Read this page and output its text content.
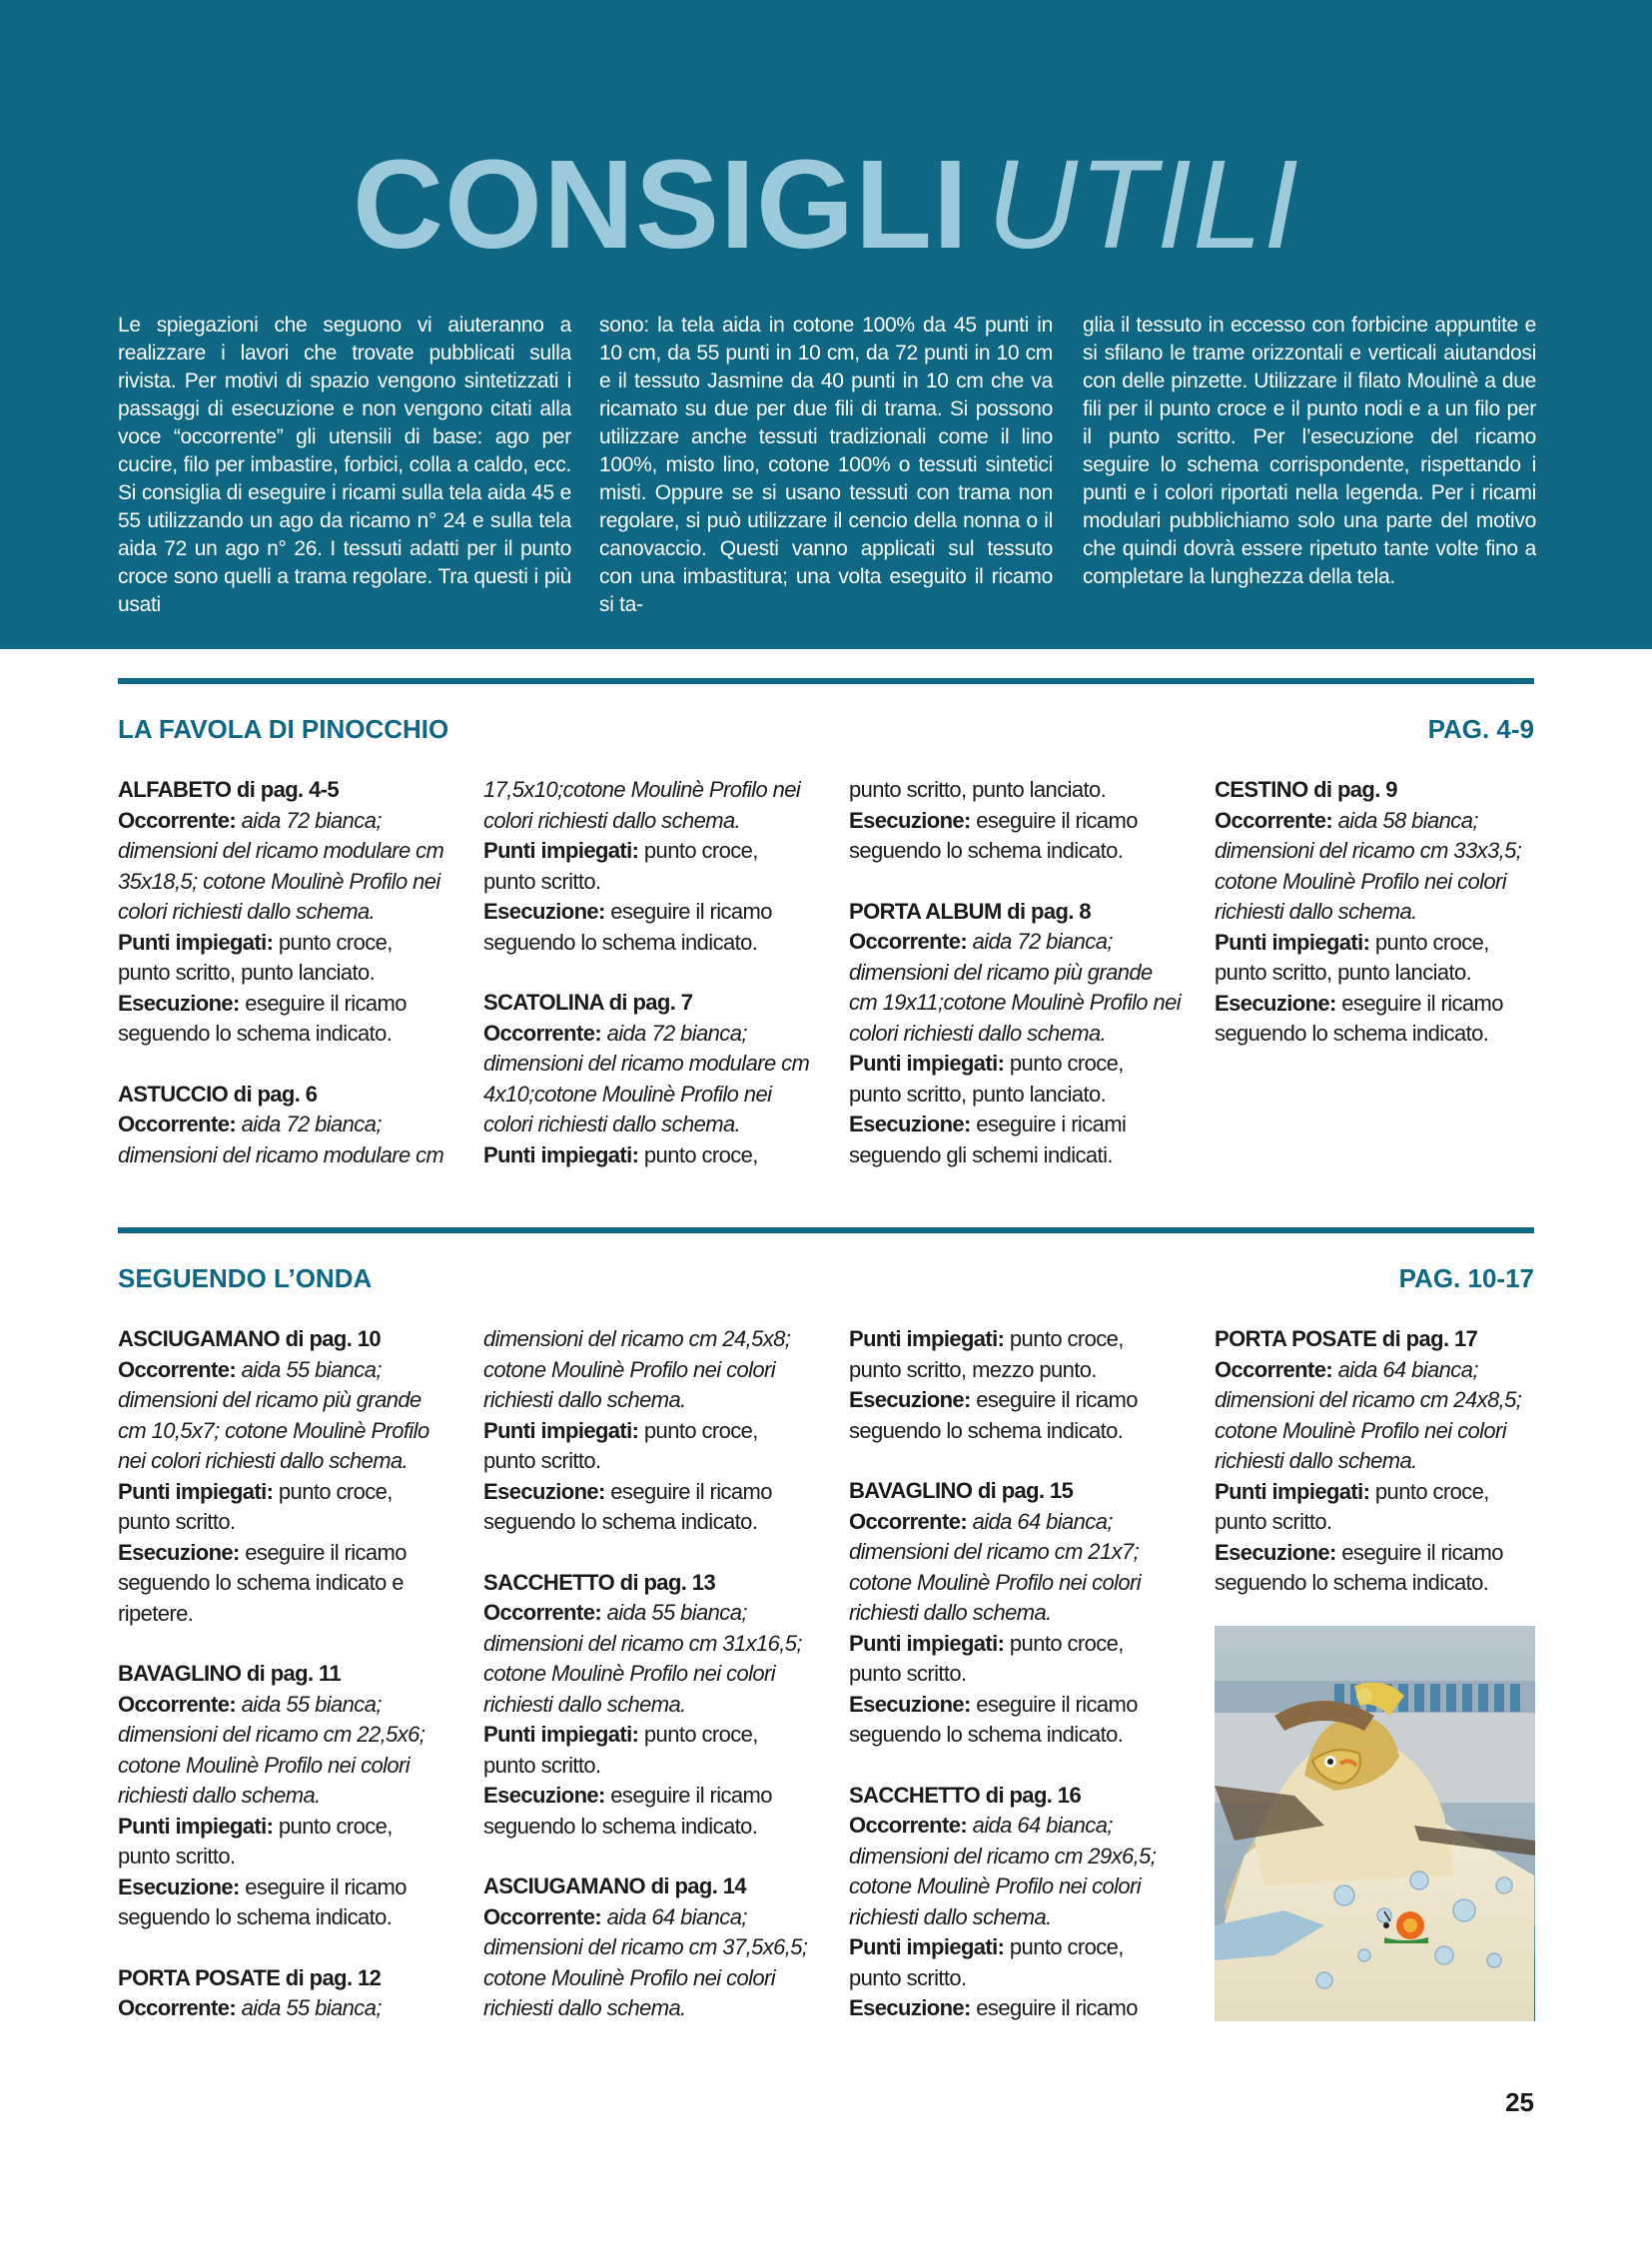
CONSIGLI UTILI

Le spiegazioni che seguono vi aiuteranno a realizzare i lavori che trovate pubblicati sulla rivista. Per motivi di spazio vengono sintetizzati i passaggi di esecuzione e non vengono citati alla voce “occorrente” gli utensili di base: ago per cucire, filo per imbastire, forbici, colla a caldo, ecc. Si consiglia di eseguire i ricami sulla tela aida 45 e 55 utilizzando un ago da ricamo n° 24 e sulla tela aida 72 un ago n° 26. I tessuti adatti per il punto croce sono quelli a trama regolare. Tra questi i più usati

sono: la tela aida in cotone 100% da 45 punti in 10 cm, da 55 punti in 10 cm, da 72 punti in 10 cm e il tessuto Jasmine da 40 punti in 10 cm che va ricamato su due per due fili di trama. Si possono utilizzare anche tessuti tradizionali come il lino 100%, misto lino, cotone 100% o tessuti sintetici misti. Oppure se si usano tessuti con trama non regolare, si può utilizzare il cencio della nonna o il canovaccio. Questi vanno applicati sul tessuto con una imbastitura; una volta eseguito il ricamo si ta-

glia il tessuto in eccesso con forbicine appuntite e si sfilano le trame orizzontali e verticali aiutandosi con delle pinzette. Utilizzare il filato Moulinè a due fili per il punto croce e il punto nodi e a un filo per il punto scritto. Per l’esecuzione del ricamo seguire lo schema corrispondente, rispettando i punti e i colori riportati nella legenda. Per i ricami modulari pubblichiamo solo una parte del motivo che quindi dovrà essere ripetuto tante volte fino a completare la lunghezza della tela.

LA FAVOLA DI PINOCCHIO	PAG. 4-9

ALFABETO di pag. 4-5

Occorrente: aida 72 bianca; dimensioni del ricamo modulare cm 35x18,5; cotone Moulinè Profilo nei colori richiesti dallo schema.

Punti impiegati: punto croce, punto scritto, punto lanciato.

Esecuzione: eseguire il ricamo seguendo lo schema indicato.

ASTUCCIO di pag. 6

Occorrente: aida 72 bianca; dimensioni del ricamo modulare cm

17,5x10;cotone Moulinè Profilo nei colori richiesti dallo schema.

Punti impiegati: punto croce, punto scritto.

Esecuzione: eseguire il ricamo seguendo lo schema indicato.

SCATOLINA di pag. 7

Occorrente: aida 72 bianca; dimensioni del ricamo modulare cm 4x10;cotone Moulinè Profilo nei colori richiesti dallo schema.

Punti impiegati: punto croce,

punto scritto, punto lanciato.

Esecuzione: eseguire il ricamo seguendo lo schema indicato.

PORTA ALBUM di pag. 8

Occorrente: aida 72 bianca; dimensioni del ricamo più grande cm 19x11;cotone Moulinè Profilo nei colori richiesti dallo schema.

Punti impiegati: punto croce, punto scritto, punto lanciato.

Esecuzione: eseguire i ricami seguendo gli schemi indicati.

CESTINO di pag. 9

Occorrente: aida 58 bianca; dimensioni del ricamo cm 33x3,5; cotone Moulinè Profilo nei colori richiesti dallo schema.

Punti impiegati: punto croce, punto scritto, punto lanciato.

Esecuzione: eseguire il ricamo seguendo lo schema indicato.

SEGUENDO L’ONDA	PAG. 10-17

ASCIUGAMANO di pag. 10

Occorrente: aida 55 bianca; dimensioni del ricamo più grande cm 10,5x7; cotone Moulinè Profilo nei colori richiesti dallo schema.

Punti impiegati: punto croce, punto scritto.

Esecuzione: eseguire il ricamo seguendo lo schema indicato e ripetere.

BAVAGLINO di pag. 11

Occorrente: aida 55 bianca; dimensioni del ricamo cm 22,5x6; cotone Moulinè Profilo nei colori richiesti dallo schema.

Punti impiegati: punto croce, punto scritto.

Esecuzione: eseguire il ricamo seguendo lo schema indicato.

PORTA POSATE di pag. 12

Occorrente: aida 55 bianca;

dimensioni del ricamo cm 24,5x8; cotone Moulinè Profilo nei colori richiesti dallo schema.

Punti impiegati: punto croce, punto scritto.

Esecuzione: eseguire il ricamo seguendo lo schema indicato.

SACCHETTO di pag. 13

Occorrente: aida 55 bianca; dimensioni del ricamo cm 31x16,5; cotone Moulinè Profilo nei colori richiesti dallo schema.

Punti impiegati: punto croce, punto scritto.

Esecuzione: eseguire il ricamo seguendo lo schema indicato.

ASCIUGAMANO di pag. 14

Occorrente: aida 64 bianca; dimensioni del ricamo cm 37,5x6,5; cotone Moulinè Profilo nei colori richiesti dallo schema.

Punti impiegati: punto croce, punto scritto, mezzo punto.

Esecuzione: eseguire il ricamo seguendo lo schema indicato.

BAVAGLINO di pag. 15

Occorrente: aida 64 bianca; dimensioni del ricamo cm 21x7; cotone Moulinè Profilo nei colori richiesti dallo schema.

Punti impiegati: punto croce, punto scritto.

Esecuzione: eseguire il ricamo seguendo lo schema indicato.

SACCHETTO di pag. 16

Occorrente: aida 64 bianca; dimensioni del ricamo cm 29x6,5; cotone Moulinè Profilo nei colori richiesti dallo schema.

Punti impiegati: punto croce, punto scritto.

Esecuzione: eseguire il ricamo

PORTA POSATE di pag. 17

Occorrente: aida 64 bianca; dimensioni del ricamo cm 24x8,5; cotone Moulinè Profilo nei colori richiesti dallo schema.

Punti impiegati: punto croce, punto scritto.

Esecuzione: eseguire il ricamo seguendo lo schema indicato.

25
